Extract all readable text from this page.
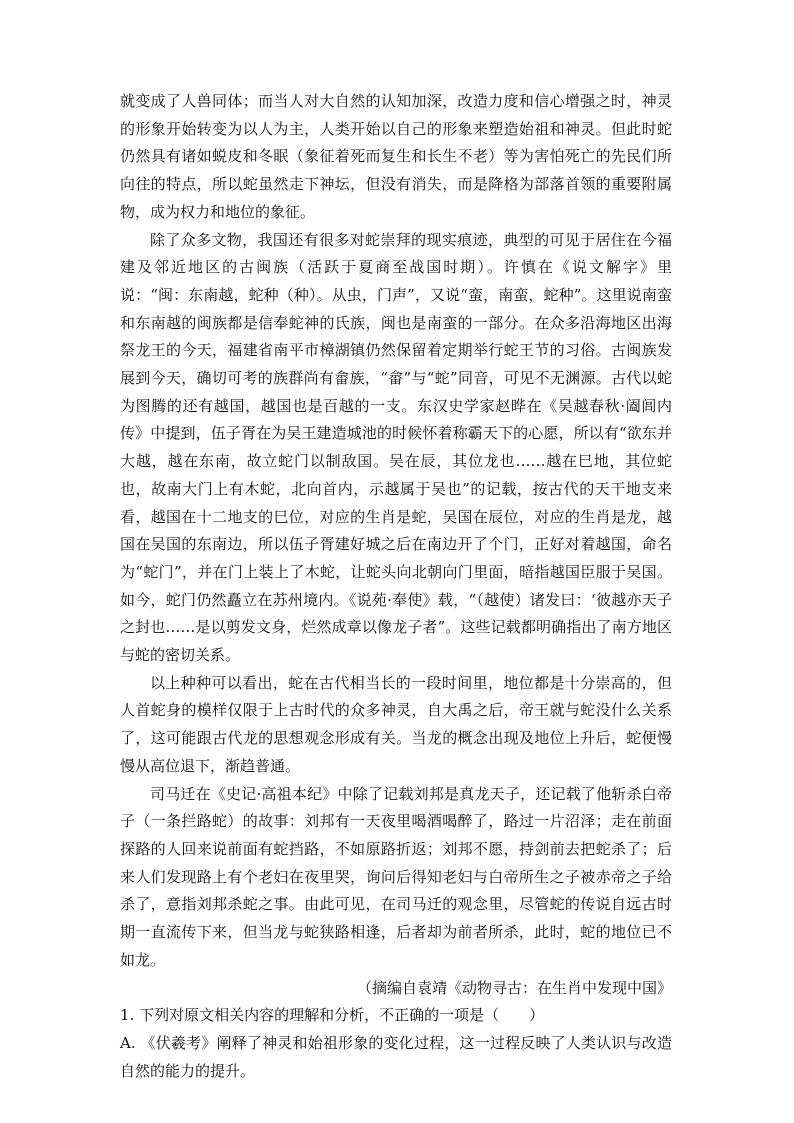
就变成了人兽同体；而当人对大自然的认知加深，改造力度和信心增强之时，神灵的形象开始转变为以人为主，人类开始以自己的形象来塑造始祖和神灵。但此时蛇仍然具有诸如蜕皮和冬眠（象征着死而复生和长生不老）等为害怕死亡的先民们所向往的特点，所以蛇虽然走下神坛，但没有消失，而是降格为部落首领的重要附属物，成为权力和地位的象征。

除了众多文物，我国还有很多对蛇崇拜的现实痕迹，典型的可见于居住在今福建及邻近地区的古闽族（活跃于夏商至战国时期）。许慎在《说文解字》里说：“闽：东南越，蛇种（种）。从虫，门声”，又说“蛮，南蛮，蛇种”。这里说南蛮和东南越的闽族都是信奉蛇神的氏族，闽也是南蛮的一部分。在众多沿海地区出海祭龙王的今天，福建省南平市樟湖镇仍然保留着定期举行蛇王节的习俗。古闽族发展到今天，确切可考的族群尚有畲族，“畲”与“蛇”同音，可见不无渊源。古代以蛇为图腾的还有越国，越国也是百越的一支。东汉史学家赵晔在《吴越春秋·阖闾内传》中提到，伍子胥在为吴王建造城池的时候怀着称霸天下的心愿，所以有“欲东并大越，越在东南，故立蛇门以制敌国。吴在辰，其位龙也……越在巳地，其位蛇也，故南大门上有木蛇，北向首内，示越属于吴也”的记载，按古代的天干地支来看，越国在十二地支的巳位，对应的生肖是蛇，吴国在辰位，对应的生肖是龙，越国在吴国的东南边，所以伍子胥建好城之后在南边开了个门，正好对着越国，命名为“蛇门”，并在门上装上了木蛇，让蛇头向北朝向门里面，暗指越国臣服于吴国。如今，蛇门仍然矗立在苏州境内。《说苑·奉使》载，“（越使）诸发曰：‘彼越亦天子之封也……是以剪发文身，烂然成章以像龙子者”。这些记载都明确指出了南方地区与蛇的密切关系。

以上种种可以看出，蛇在古代相当长的一段时间里，地位都是十分崇高的，但人首蛇身的模样仅限于上古时代的众多神灵，自大禹之后，帝王就与蛇没什么关系了，这可能跟古代龙的思想观念形成有关。当龙的概念出现及地位上升后，蛇便慢慢从高位退下，渐趋普通。

司马迁在《史记·高祖本纪》中除了记载刘邦是真龙天子，还记载了他斩杀白帝子（一条拦路蛇）的故事：刘邦有一天夜里喝酒喝醉了，路过一片沼泽；走在前面探路的人回来说前面有蛇挡路，不如原路折返；刘邦不愿，持剑前去把蛇杀了；后来人们发现路上有个老妇在夜里哭，询问后得知老妇与白帝所生之子被赤帝之子给杀了，意指刘邦杀蛇之事。由此可见，在司马迁的观念里，尽管蛇的传说自远古时期一直流传下来，但当龙与蛇狭路相逢，后者却为前者所杀，此时，蛇的地位已不如龙。

（摘编自袁靖《动物寻古：在生肖中发现中国》

1. 下列对原文相关内容的理解和分析，不正确的一项是（　　）

A. 《伏羲考》阐释了神灵和始祖形象的变化过程，这一过程反映了人类认识与改造自然的能力的提升。
